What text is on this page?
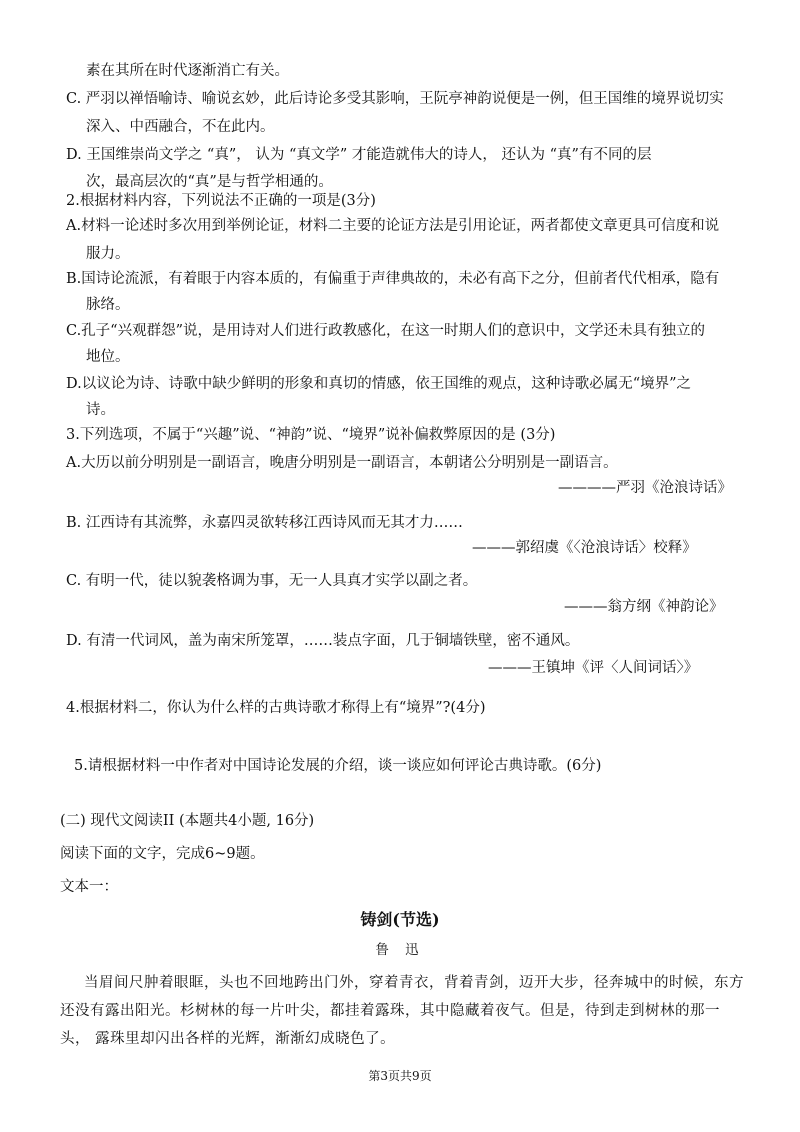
素在其所在时代逐渐消亡有关。
C. 严羽以禅悟喻诗、喻说玄妙，此后诗论多受其影响，王阮亭神韵说便是一例，但王国维的境界说切实
深入、中西融合，不在此内。
D. 王国维崇尚文学之 “真”， 认为 “真文学” 才能造就伟大的诗人， 还认为 “真”有不同的层
次，最高层次的“真”是与哲学相通的。
2.根据材料内容，下列说法不正确的一项是(3分)
A.材料一论述时多次用到举例论证，材料二主要的论证方法是引用论证，两者都使文章更具可信度和说
服力。
B.国诗论流派，有着眼于内容本质的，有偏重于声律典故的，未必有高下之分，但前者代代相承，隐有
脉络。
C.孔子“兴观群怨”说，是用诗对人们进行政教感化，在这一时期人们的意识中，文学还未具有独立的
地位。
D.以议论为诗、诗歌中缺少鲜明的形象和真切的情感，依王国维的观点，这种诗歌必属无“境界”之
诗。
3.下列选项，不属于“兴趣”说、“神韵”说、“境界”说补偏救弊原因的是 (3分)
A.大历以前分明别是一副语言，晚唐分明别是一副语言，本朝诸公分明别是一副语言。
————严羽《沧浪诗话》
B. 江西诗有其流弊，永嘉四灵欲转移江西诗风而无其才力……
———郭绍虞《〈沧浪诗话〉校释》
C. 有明一代，徒以貌袭格调为事，无一人具真才实学以副之者。
———翁方纲《神韵论》
D. 有清一代词风，盖为南宋所笼罩，……装点字面，几于铜墙铁壁，密不通风。
———王镇坤《评〈人间词话〉》
4.根据材料二，你认为什么样的古典诗歌才称得上有“境界”?(4分)
5.请根据材料一中作者对中国诗论发展的介绍，谈一谈应如何评论古典诗歌。(6分)
(二) 现代文阅读II (本题共4小题, 16分)
阅读下面的文字，完成6~9题。
文本一：
铸剑(节选)
鲁 迅
当眉间尺肿着眼眶，头也不回地跨出门外，穿着青衣，背着青剑，迈开大步，径奔城中的时候，东方
还没有露出阳光。杉树林的每一片叶尖，都挂着露珠，其中隐藏着夜气。但是，待到走到树林的那一
头， 露珠里却闪出各样的光辉，渐渐幻成晓色了。
第3页共9页
